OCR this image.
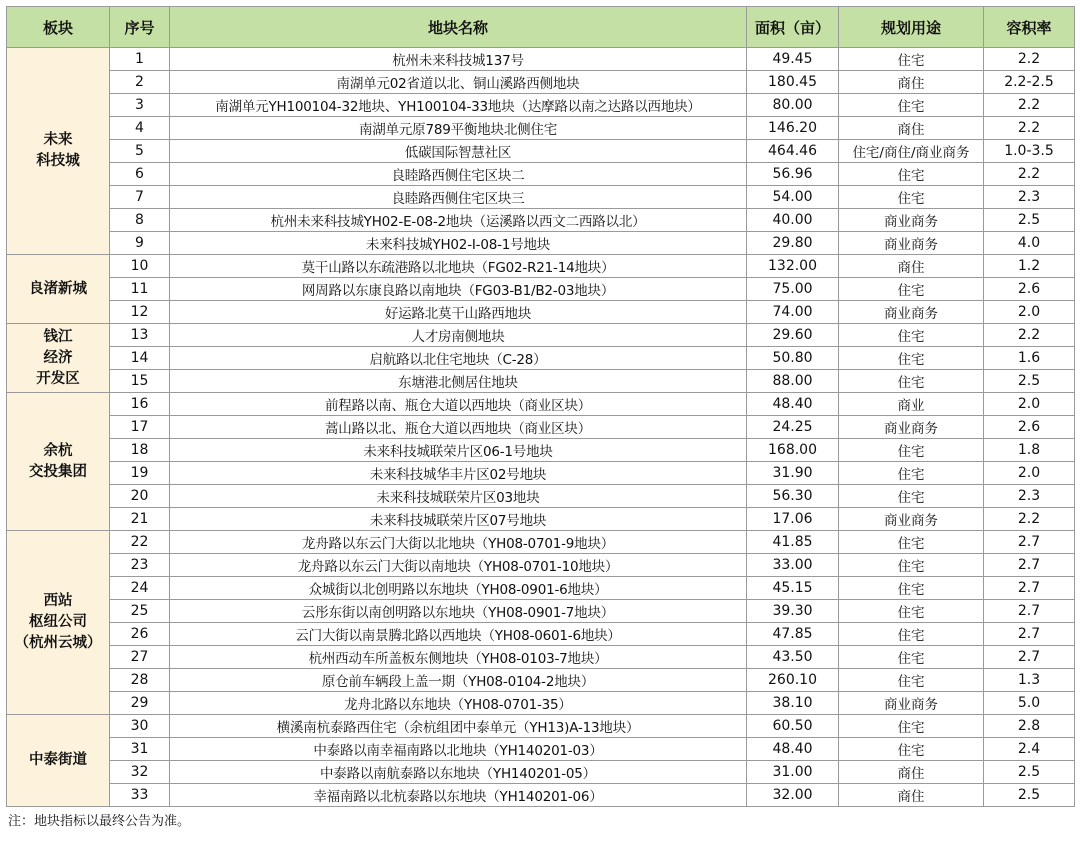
板块	序号	地块名称	面积（亩）	规划用途	容积率
未来
科技城	1	杭州未来科技城137号	49.45	住宅	2.2
	2	南湖单元02省道以北、铜山溪路西侧地块	180.45	商住	2.2-2.5
	3	南湖单元YH100104-32地块、YH100104-33地块（达摩路以南之达路以西地块）	80.00	住宅	2.2
	4	南湖单元原789平衡地块北侧住宅	146.20	商住	2.2
	5	低碳国际智慧社区	464.46	住宅/商住/商业商务	1.0-3.5
	6	良睦路西侧住宅区块二	56.96	住宅	2.2
	7	良睦路西侧住宅区块三	54.00	住宅	2.3
	8	杭州未来科技城YH02-E-08-2地块（运溪路以西文二西路以北）	40.00	商业商务	2.5
	9	未来科技城YH02-I-08-1号地块	29.80	商业商务	4.0
良渚新城	10	莫干山路以东疏港路以北地块（FG02-R21-14地块）	132.00	商住	1.2
	11	网周路以东康良路以南地块（FG03-B1/B2-03地块）	75.00	住宅	2.6
	12	好运路北莫干山路西地块	74.00	商业商务	2.0
钱江
经济
开发区	13	人才房南侧地块	29.60	住宅	2.2
	14	启航路以北住宅地块（C-28）	50.80	住宅	1.6
	15	东塘港北侧居住地块	88.00	住宅	2.5
余杭
交投集团	16	前程路以南、瓶仓大道以西地块（商业区块）	48.40	商业	2.0
	17	蒿山路以北、瓶仓大道以西地块（商业区块）	24.25	商业商务	2.6
	18	未来科技城联荣片区06-1号地块	168.00	住宅	1.8
	19	未来科技城华丰片区02号地块	31.90	住宅	2.0
	20	未来科技城联荣片区03地块	56.30	住宅	2.3
	21	未来科技城联荣片区07号地块	17.06	商业商务	2.2
西站
枢纽公司
（杭州云城）	22	龙舟路以东云门大街以北地块（YH08-0701-9地块）	41.85	住宅	2.7
	23	龙舟路以东云门大街以南地块（YH08-0701-10地块）	33.00	住宅	2.7
	24	众城街以北创明路以东地块（YH08-0901-6地块）	45.15	住宅	2.7
	25	云彤东街以南创明路以东地块（YH08-0901-7地块）	39.30	住宅	2.7
	26	云门大街以南景腾北路以西地块（YH08-0601-6地块）	47.85	住宅	2.7
	27	杭州西动车所盖板东侧地块（YH08-0103-7地块）	43.50	住宅	2.7
	28	原仓前车辆段上盖一期（YH08-0104-2地块）	260.10	住宅	1.3
	29	龙舟北路以东地块（YH08-0701-35）	38.10	商业商务	5.0
中泰街道	30	横溪南杭泰路西住宅（余杭组团中泰单元（YH13)A-13地块）	60.50	住宅	2.8
	31	中泰路以南幸福南路以北地块（YH140201-03）	48.40	住宅	2.4
	32	中泰路以南航泰路以东地块（YH140201-05）	31.00	商住	2.5
	33	幸福南路以北杭泰路以东地块（YH140201-06）	32.00	商住	2.5
注：地块指标以最终公告为准。
